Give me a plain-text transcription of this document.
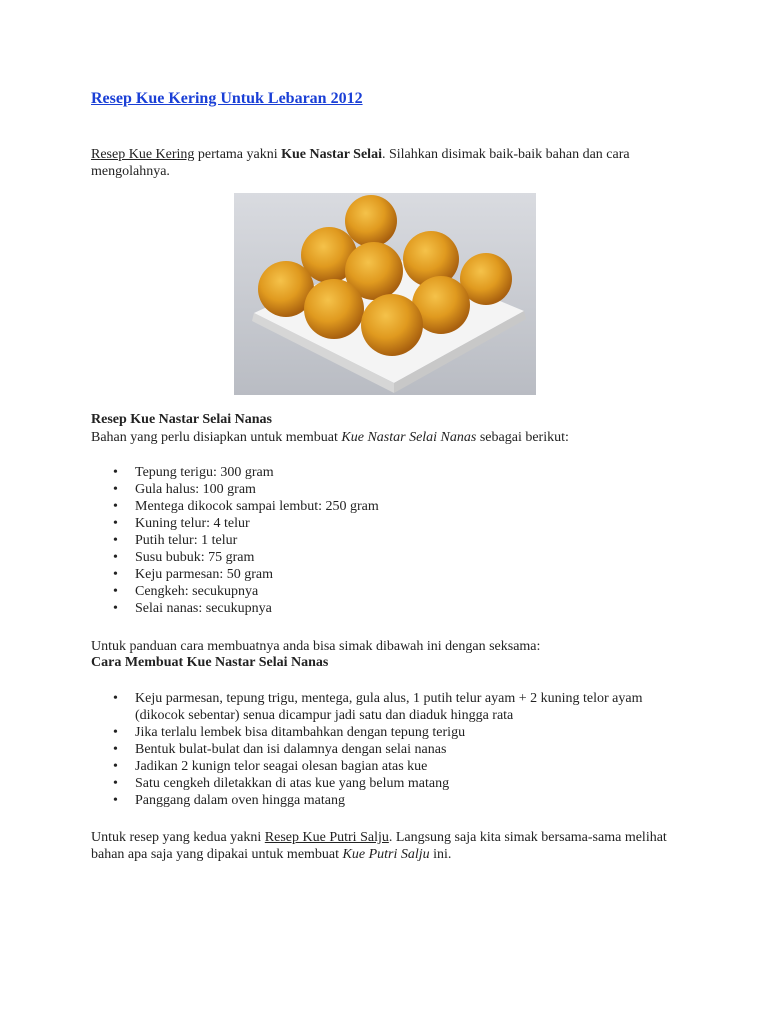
Resep Kue Kering Untuk Lebaran 2012

Resep Kue Kering pertama yakni Kue Nastar Selai. Silahkan disimak baik-baik bahan dan cara mengolahnya.

Resep Kue Nastar Selai Nanas

Bahan yang perlu disiapkan untuk membuat Kue Nastar Selai Nanas sebagai berikut:

• Tepung terigu: 300 gram
• Gula halus: 100 gram
• Mentega dikocok sampai lembut: 250 gram
• Kuning telur: 4 telur
• Putih telur: 1 telur
• Susu bubuk: 75 gram
• Keju parmesan: 50 gram
• Cengkeh: secukupnya
• Selai nanas: secukupnya

Untuk panduan cara membuatnya anda bisa simak dibawah ini dengan seksama:

Cara Membuat Kue Nastar Selai Nanas
• Keju parmesan, tepung trigu, mentega, gula alus, 1 putih telur ayam + 2 kuning telor ayam (dikocok sebentar) senua dicampur jadi satu dan diaduk hingga rata
• Jika terlalu lembek bisa ditambahkan dengan tepung terigu
• Bentuk bulat-bulat dan isi dalamnya dengan selai nanas
• Jadikan 2 kunign telor seagai olesan bagian atas kue
• Satu cengkeh diletakkan di atas kue yang belum matang
• Panggang dalam oven hingga matang

Untuk resep yang kedua yakni Resep Kue Putri Salju. Langsung saja kita simak bersama-sama melihat bahan apa saja yang dipakai untuk membuat Kue Putri Salju ini.
